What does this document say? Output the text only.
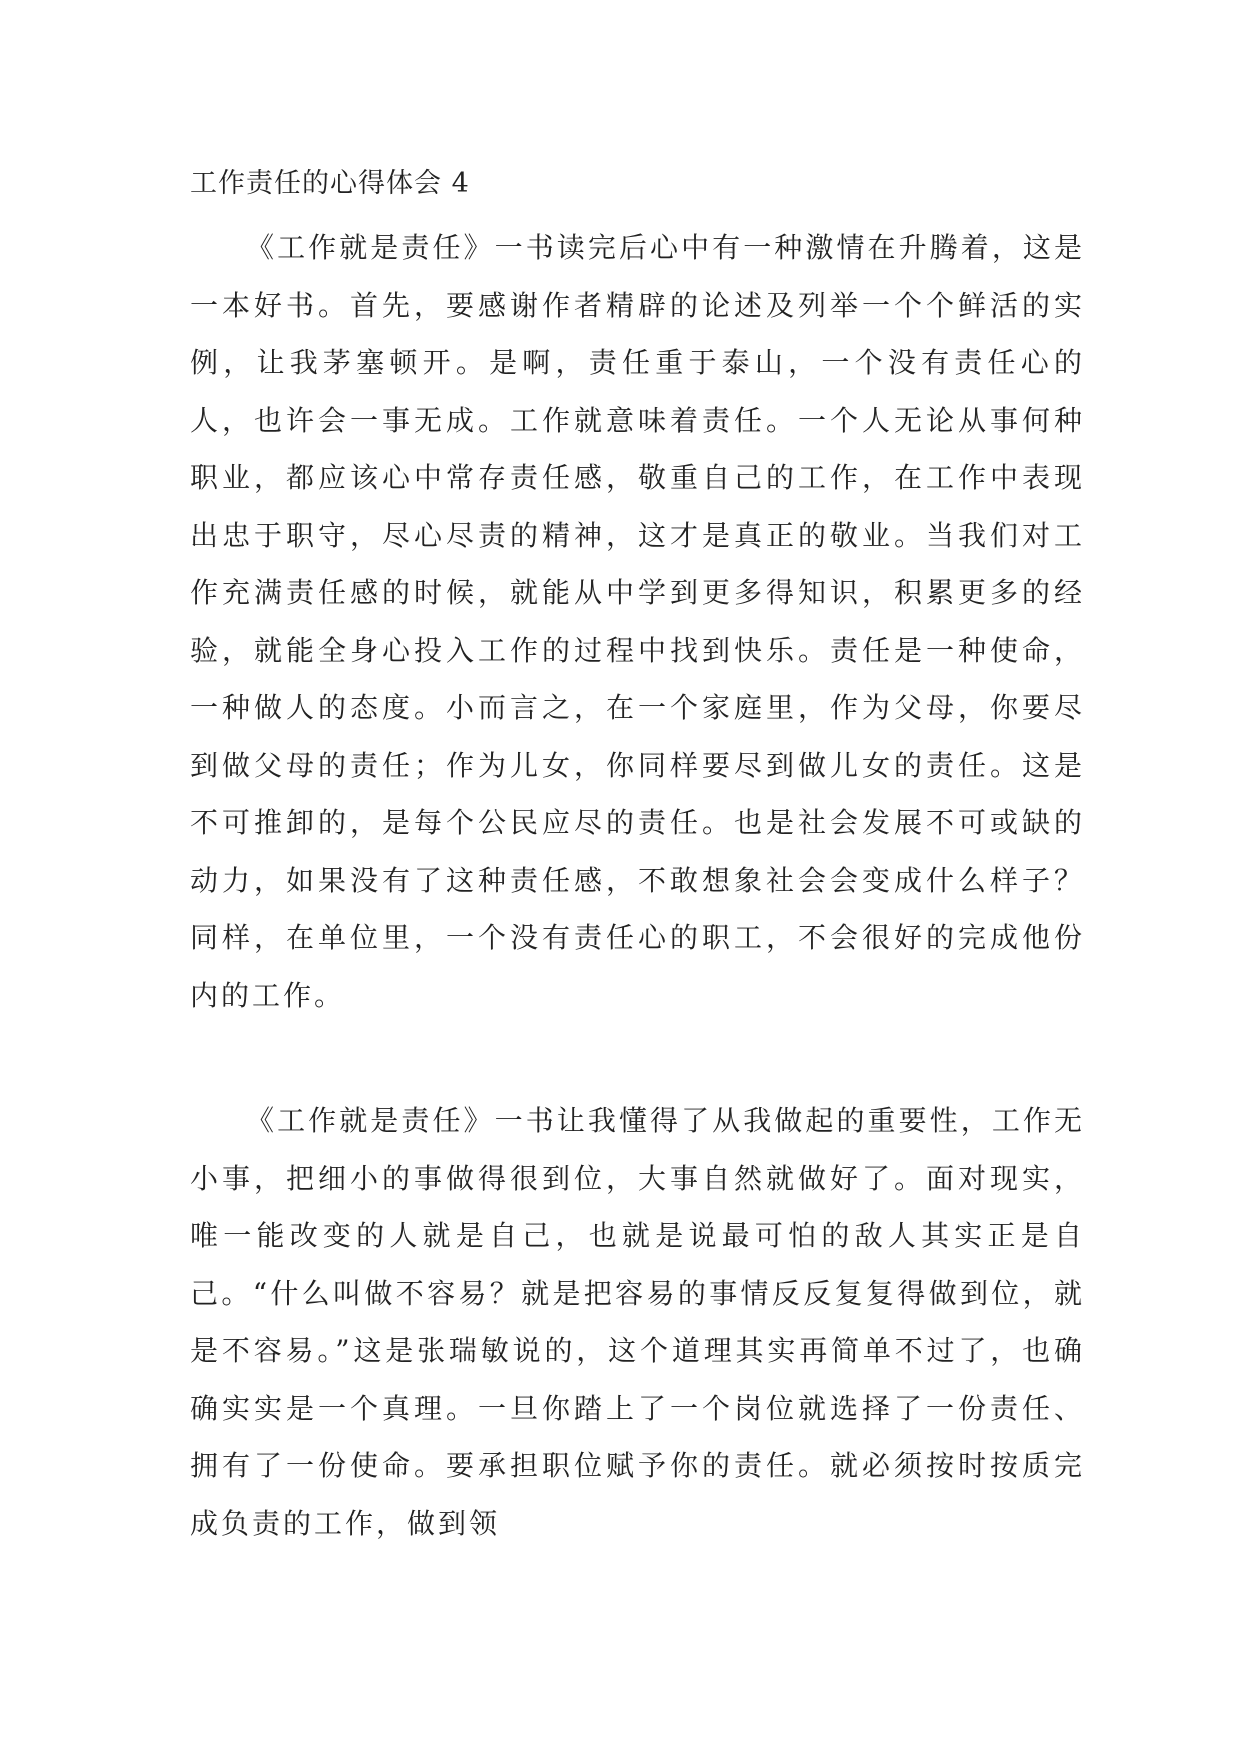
工作责任的心得体会 4

《工作就是责任》一书读完后心中有一种激情在升腾着，这是一本好书。首先，要感谢作者精辟的论述及列举一个个鲜活的实例，让我茅塞顿开。是啊，责任重于泰山，一个没有责任心的人，也许会一事无成。工作就意味着责任。一个人无论从事何种职业，都应该心中常存责任感，敬重自己的工作，在工作中表现出忠于职守，尽心尽责的精神，这才是真正的敬业。当我们对工作充满责任感的时候，就能从中学到更多得知识，积累更多的经验，就能全身心投入工作的过程中找到快乐。责任是一种使命，一种做人的态度。小而言之，在一个家庭里，作为父母，你要尽到做父母的责任；作为儿女，你同样要尽到做儿女的责任。这是不可推卸的，是每个公民应尽的责任。也是社会发展不可或缺的动力，如果没有了这种责任感，不敢想象社会会变成什么样子？同样，在单位里，一个没有责任心的职工，不会很好的完成他份内的工作。

《工作就是责任》一书让我懂得了从我做起的重要性，工作无小事，把细小的事做得很到位，大事自然就做好了。面对现实，唯一能改变的人就是自己，也就是说最可怕的敌人其实正是自己。“什么叫做不容易？就是把容易的事情反反复复得做到位，就是不容易。”这是张瑞敏说的，这个道理其实再简单不过了，也确确实实是一个真理。一旦你踏上了一个岗位就选择了一份责任、拥有了一份使命。要承担职位赋予你的责任。就必须按时按质完成负责的工作，做到领
